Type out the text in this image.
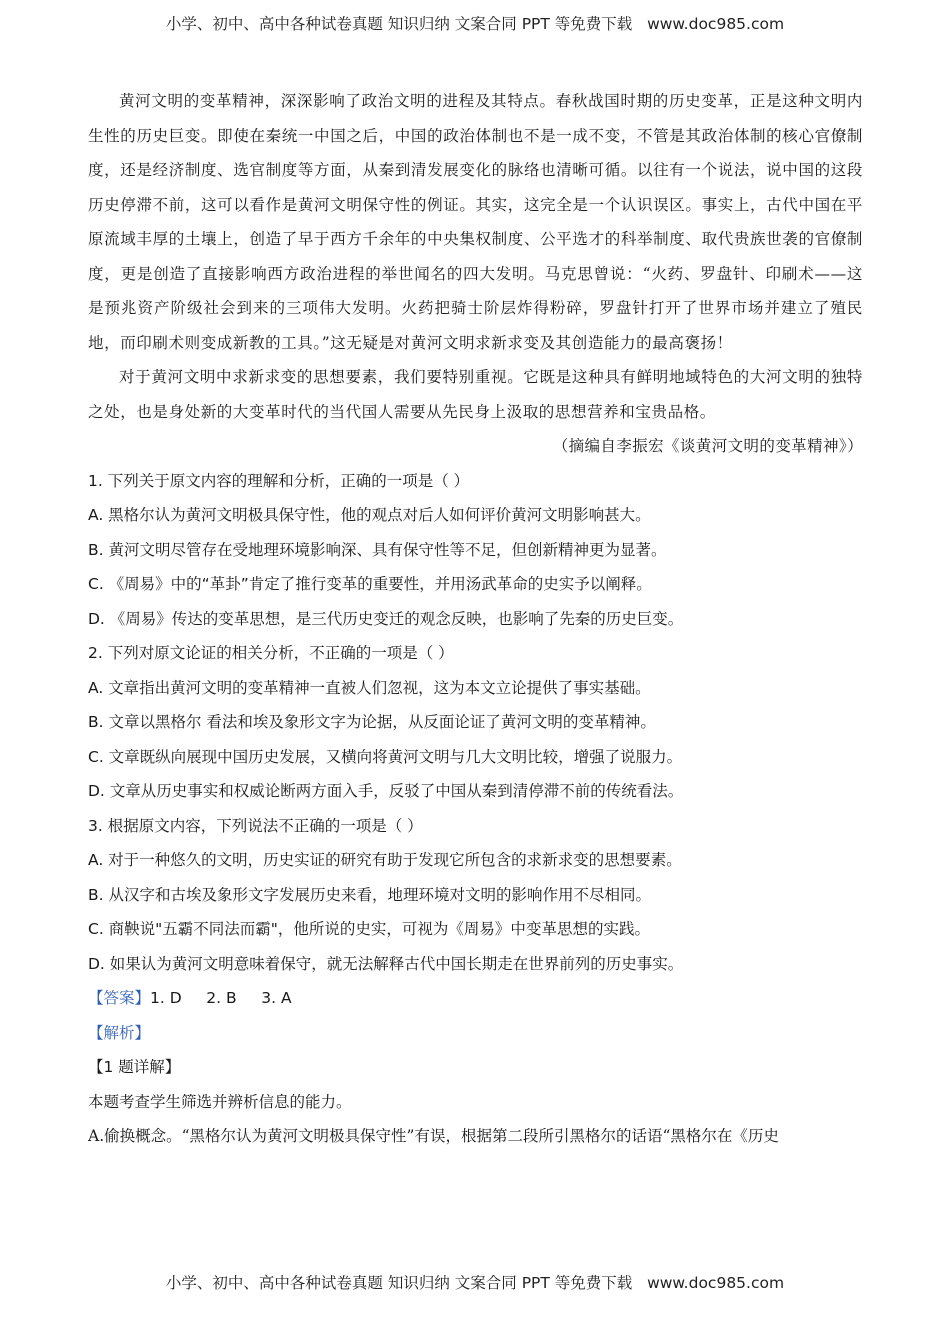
小学、初中、高中各种试卷真题 知识归纳 文案合同 PPT 等免费下载   www.doc985.com

黄河文明的变革精神，深深影响了政治文明的进程及其特点。春秋战国时期的历史变革，正是这种文明内生性的历史巨变。即使在秦统一中国之后，中国的政治体制也不是一成不变，不管是其政治体制的核心官僚制度，还是经济制度、选官制度等方面，从秦到清发展变化的脉络也清晰可循。以往有一个说法，说中国的这段历史停滞不前，这可以看作是黄河文明保守性的例证。其实，这完全是一个认识误区。事实上，古代中国在平原流域丰厚的土壤上，创造了早于西方千余年的中央集权制度、公平选才的科举制度、取代贵族世袭的官僚制度，更是创造了直接影响西方政治进程的举世闻名的四大发明。马克思曾说：“火药、罗盘针、印刷术——这是预兆资产阶级社会到来的三项伟大发明。火药把骑士阶层炸得粉碎，罗盘针打开了世界市场并建立了殖民地，而印刷术则变成新教的工具。”这无疑是对黄河文明求新求变及其创造能力的最高褒扬！

对于黄河文明中求新求变的思想要素，我们要特别重视。它既是这种具有鲜明地域特色的大河文明的独特之处，也是身处新的大变革时代的当代国人需要从先民身上汲取的思想营养和宝贵品格。

（摘编自李振宏《谈黄河文明的变革精神》）

1. 下列关于原文内容的理解和分析，正确的一项是（ ）

A. 黑格尔认为黄河文明极具保守性，他的观点对后人如何评价黄河文明影响甚大。

B. 黄河文明尽管存在受地理环境影响深、具有保守性等不足，但创新精神更为显著。

C. 《周易》中的“革卦”肯定了推行变革的重要性，并用汤武革命的史实予以阐释。

D. 《周易》传达的变革思想，是三代历史变迁的观念反映，也影响了先秦的历史巨变。

2. 下列对原文论证的相关分析，不正确的一项是（ ）

A. 文章指出黄河文明的变革精神一直被人们忽视，这为本文立论提供了事实基础。

B. 文章以黑格尔 看法和埃及象形文字为论据，从反面论证了黄河文明的变革精神。

C. 文章既纵向展现中国历史发展，又横向将黄河文明与几大文明比较，增强了说服力。

D. 文章从历史事实和权威论断两方面入手，反驳了中国从秦到清停滞不前的传统看法。

3. 根据原文内容，下列说法不正确的一项是（ ）

A. 对于一种悠久的文明，历史实证的研究有助于发现它所包含的求新求变的思想要素。

B. 从汉字和古埃及象形文字发展历史来看，地理环境对文明的影响作用不尽相同。

C. 商鞅说"五霸不同法而霸"，他所说的史实，可视为《周易》中变革思想的实践。

D. 如果认为黄河文明意味着保守，就无法解释古代中国长期走在世界前列的历史事实。

【答案】1. D     2. B     3. A

【解析】

【1 题详解】

本题考查学生筛选并辨析信息的能力。

A.偷换概念。“黑格尔认为黄河文明极具保守性”有误，根据第二段所引黑格尔的话语“黑格尔在《历史

小学、初中、高中各种试卷真题 知识归纳 文案合同 PPT 等免费下载   www.doc985.com
